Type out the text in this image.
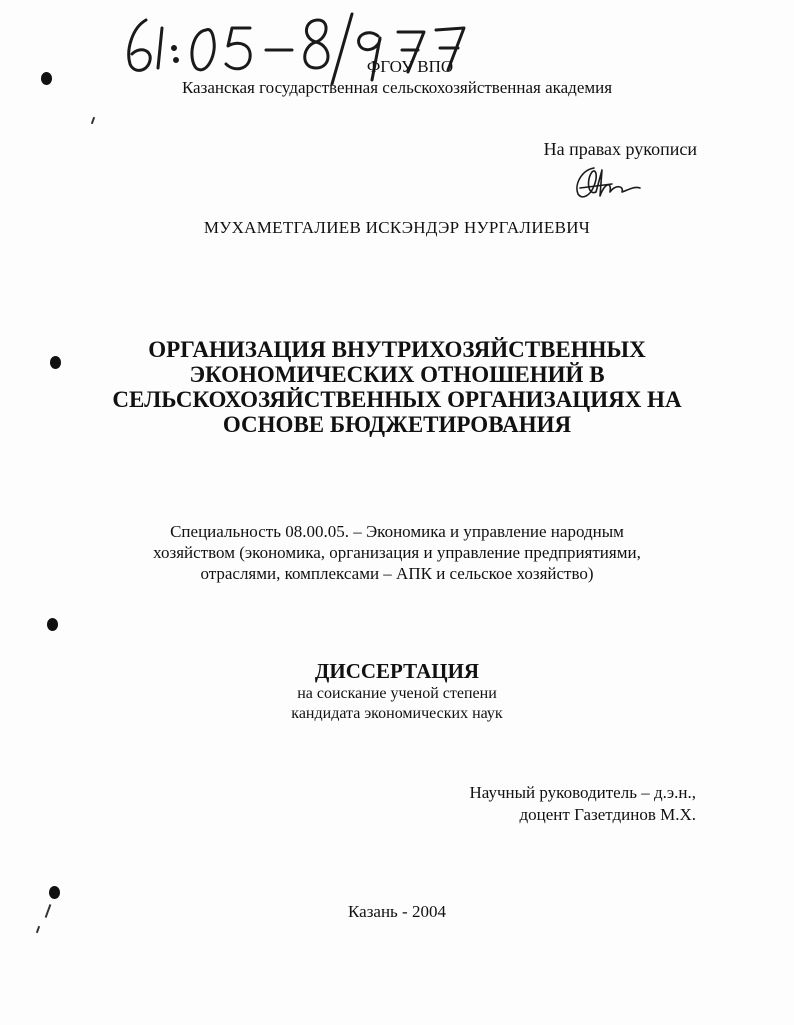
ФГОУ ВПО
Казанская государственная сельскохозяйственная академия
На правах рукописи
МУХАМЕТГАЛИЕВ ИСКЭНДЭР НУРГАЛИЕВИЧ
ОРГАНИЗАЦИЯ ВНУТРИХОЗЯЙСТВЕННЫХ
ЭКОНОМИЧЕСКИХ ОТНОШЕНИЙ В
СЕЛЬСКОХОЗЯЙСТВЕННЫХ ОРГАНИЗАЦИЯХ НА
ОСНОВЕ БЮДЖЕТИРОВАНИЯ
Специальность 08.00.05. – Экономика и управление народным
хозяйством (экономика, организация и управление предприятиями,
отраслями, комплексами – АПК и сельское хозяйство)
ДИССЕРТАЦИЯ
на соискание ученой степени
кандидата экономических наук
Научный руководитель – д.э.н.,
доцент Газетдинов М.Х.
Казань - 2004
